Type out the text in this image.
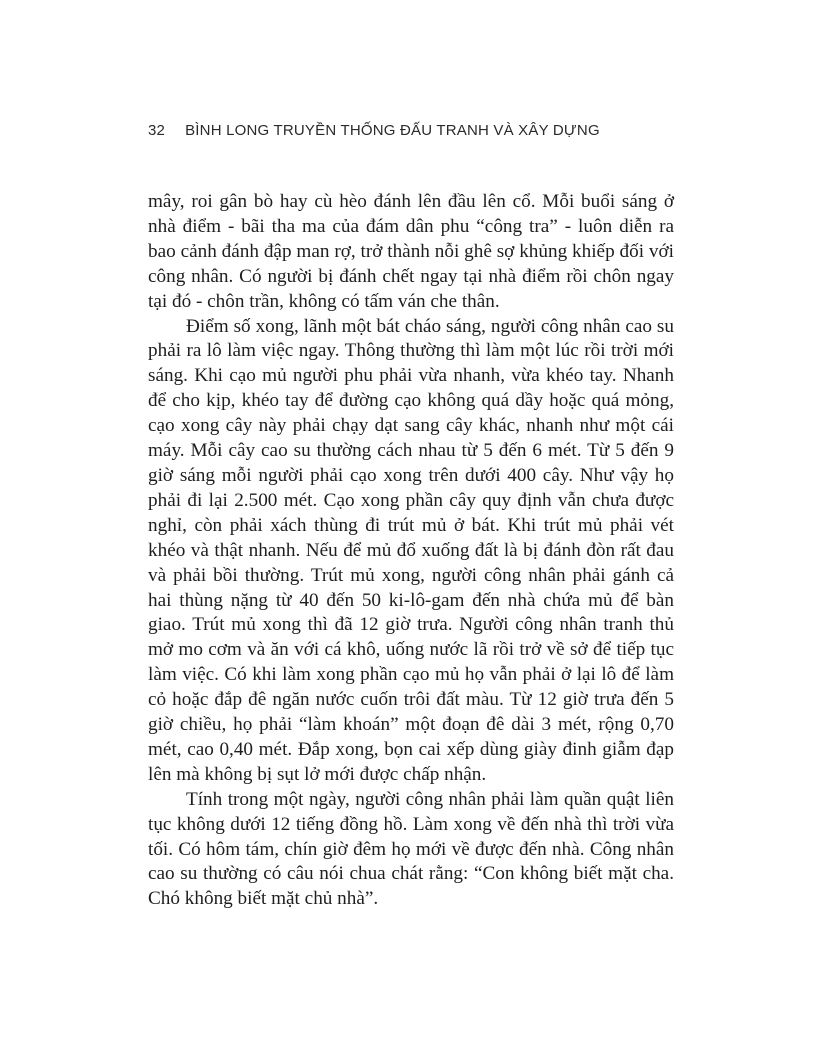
32 BÌNH LONG TRUYỀN THỐNG ĐẤU TRANH VÀ XÂY DỰNG

mây, roi gân bò hay cù hèo đánh lên đầu lên cổ. Mỗi buổi sáng ở nhà điểm - bãi tha ma của đám dân phu “công tra” - luôn diễn ra bao cảnh đánh đập man rợ, trở thành nỗi ghê sợ khủng khiếp đối với công nhân. Có người bị đánh chết ngay tại nhà điểm rồi chôn ngay tại đó - chôn trần, không có tấm ván che thân.

Điểm số xong, lãnh một bát cháo sáng, người công nhân cao su phải ra lô làm việc ngay. Thông thường thì làm một lúc rồi trời mới sáng. Khi cạo mủ người phu phải vừa nhanh, vừa khéo tay. Nhanh để cho kịp, khéo tay để đường cạo không quá dầy hoặc quá mỏng, cạo xong cây này phải chạy dạt sang cây khác, nhanh như một cái máy. Mỗi cây cao su thường cách nhau từ 5 đến 6 mét. Từ 5 đến 9 giờ sáng mỗi người phải cạo xong trên dưới 400 cây. Như vậy họ phải đi lại 2.500 mét. Cạo xong phần cây quy định vẫn chưa được nghỉ, còn phải xách thùng đi trút mủ ở bát. Khi trút mủ phải vét khéo và thật nhanh. Nếu để mủ đổ xuống đất là bị đánh đòn rất đau và phải bồi thường. Trút mủ xong, người công nhân phải gánh cả hai thùng nặng từ 40 đến 50 ki-lô-gam đến nhà chứa mủ để bàn giao. Trút mủ xong thì đã 12 giờ trưa. Người công nhân tranh thủ mở mo cơm và ăn với cá khô, uống nước lã rồi trở về sở để tiếp tục làm việc. Có khi làm xong phần cạo mủ họ vẫn phải ở lại lô để làm cỏ hoặc đắp đê ngăn nước cuốn trôi đất màu. Từ 12 giờ trưa đến 5 giờ chiều, họ phải “làm khoán” một đoạn đê dài 3 mét, rộng 0,70 mét, cao 0,40 mét. Đắp xong, bọn cai xếp dùng giày đinh giẫm đạp lên mà không bị sụt lở mới được chấp nhận.

Tính trong một ngày, người công nhân phải làm quần quật liên tục không dưới 12 tiếng đồng hồ. Làm xong về đến nhà thì trời vừa tối. Có hôm tám, chín giờ đêm họ mới về được đến nhà. Công nhân cao su thường có câu nói chua chát rằng: “Con không biết mặt cha. Chó không biết mặt chủ nhà”.
